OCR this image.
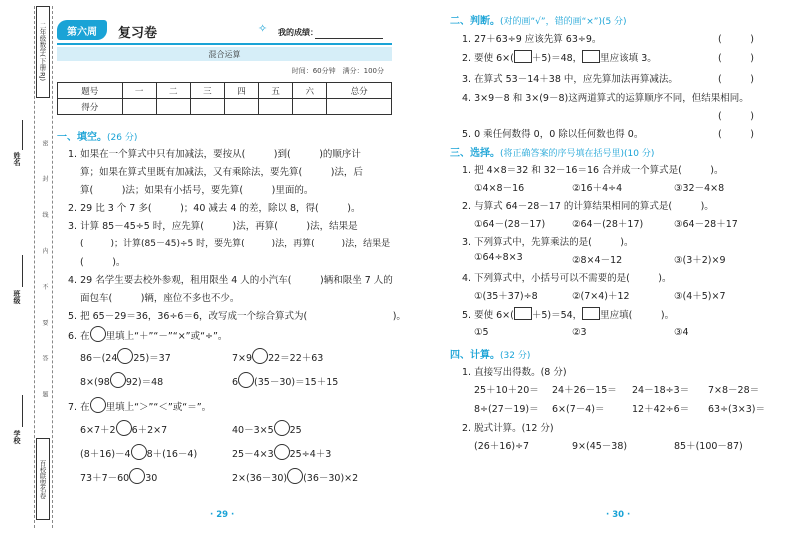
二年级数学(下册·RJ)
百校联盟名卷
姓名
班级
学校
密 封 线 内 不 要 答 题
第六周	复习卷	✧ 我的成绩：
混合运算
时间：60分钟　满分：100分
题号	一	二	三	四	五	六	总分
得分							
一、填空。(26 分)
1. 如果在一个算式中只有加减法，要按从(　　　)到(　　　)的顺序计
算；如果在算式里既有加减法，又有乘除法，要先算(　　　)法，后
算(　　　)法；如果有小括号，要先算(　　　)里面的。
2. 29 比 3 个 7 多(　　　)；40 减去 4 的差，除以 8，得(　　　)。
3. 计算 85－45÷5 时，应先算(　　　)法，再算(　　　)法，结果是
(　　　)；计算(85－45)÷5 时，要先算(　　　)法，再算(　　　)法，结果是
(　　　)。
4. 29 名学生要去校外参观，租用限坐 4 人的小汽车(　　　)辆和限坐 7 人的
面包车(　　　)辆，座位不多也不少。
5. 把 65－29＝36，36÷6＝6，改写成一个综合算式为(　　　　　　　　　)。
6. 在 里填上“＋”“－”“×”或“÷”。
86－(24 25)＝37	7×9 22＝22＋63
8×(98 92)＝48	6 (35－30)＝15＋15
7. 在 里填上“＞”“＜”或“＝”。
6×7＋2 6＋2×7	40－3×5 25
(8＋16)－4 8＋(16－4)	25－4×3 25÷4＋3
73＋7－60 30	2×(36－30) (36－30)×2
· 29 ·
二、判断。(对的画“√”，错的画“×”)(5 分)
1. 27＋63÷9 应该先算 63÷9。	(　　　)
2. 要使 6×( ＋5)＝48， 里应该填 3。	(　　　)
3. 在算式 53－14＋38 中，应先算加法再算减法。	(　　　)
4. 3×9－8 和 3×(9－8)这两道算式的运算顺序不同，但结果相同。
(　　　)
5. 0 乘任何数得 0，0 除以任何数也得 0。	(　　　)
三、选择。(将正确答案的序号填在括号里)(10 分)
1. 把 4×8＝32 和 32－16＝16 合并成一个算式是(　　　)。
①4×8－16	②16＋4÷4	③32－4×8
2. 与算式 64－28－17 的计算结果相同的算式是(　　　)。
①64－(28－17)	②64－(28＋17)	③64－28＋17
3. 下列算式中，先算乘法的是(　　　)。
①64÷8×3	②8×4－12	③(3＋2)×9
4. 下列算式中，小括号可以不需要的是(　　　)。
①(35＋37)÷8	②(7×4)＋12	③(4＋5)×7
5. 要使 6×( ＋5)＝54， 里应填(　　　)。
①5	②3	③4
四、计算。(32 分)
1. 直接写出得数。(8 分)
25＋10＋20＝ 24＋26－15＝ 24－18÷3＝ 7×8－28＝
8÷(27－19)＝ 6×(7－4)＝	12＋42÷6＝ 63÷(3×3)＝
2. 脱式计算。(12 分)
(26＋16)÷7	9×(45－38)	85＋(100－87)
· 30 ·
